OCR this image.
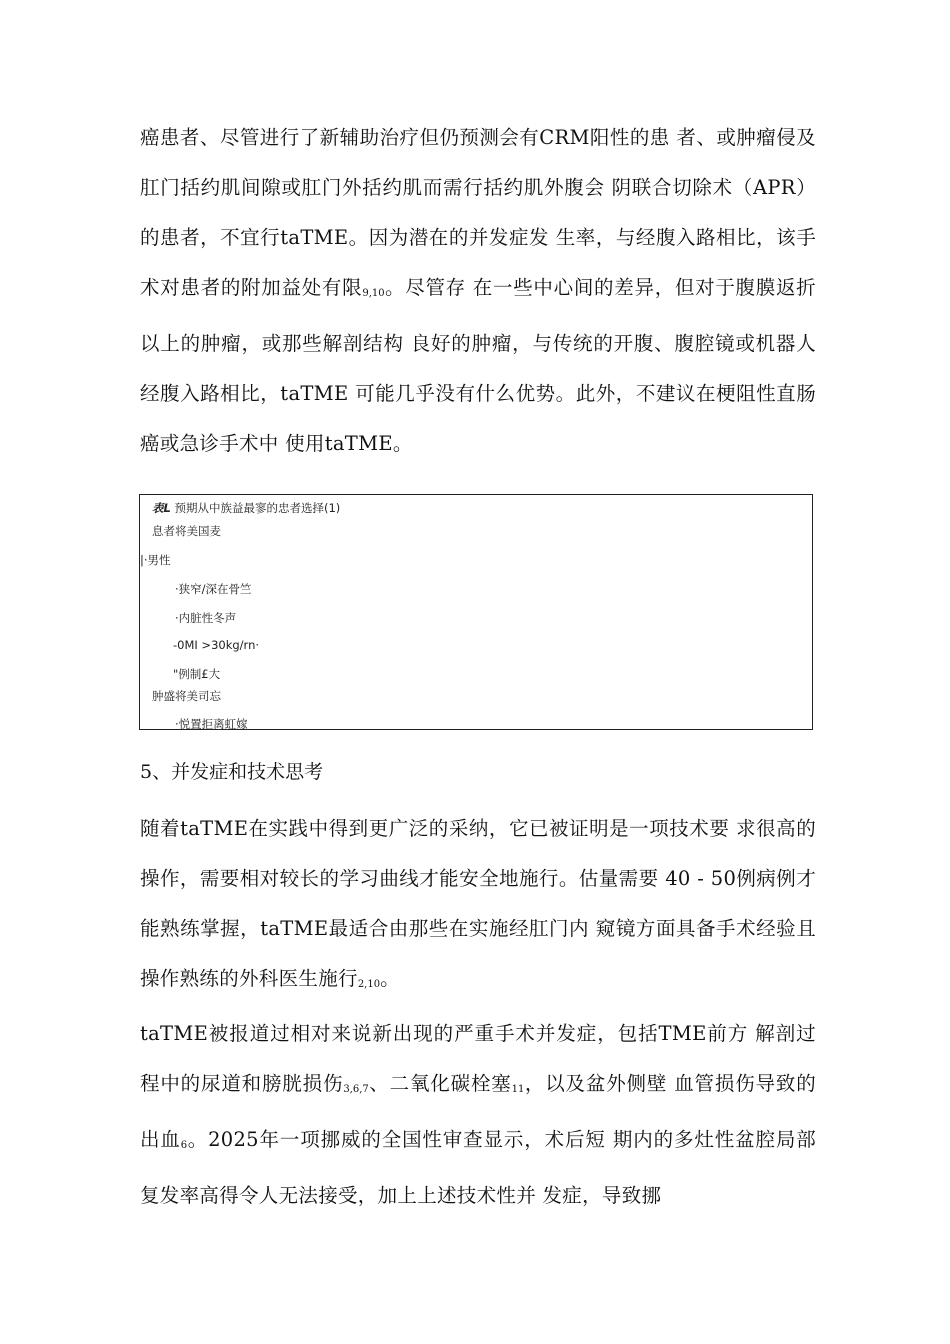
癌患者、尽管进行了新辅助治疗但仍预测会有CRM阳性的患 者、或肿瘤侵及肛门括约肌间隙或肛门外括约肌而需行括约肌外腹会 阴联合切除术（APR）的患者，不宜行taTME。因为潜在的并发症发 生率，与经腹入路相比，该手术对患者的附加益处有限$_{9,10}$。尽管存 在一些中心间的差异，但对于腹膜返折以上的肿瘤，或那些解剖结构 良好的肿瘤，与传统的开腹、腹腔镜或机器人经腹入路相比，taTME 可能几乎没有什么优势。此外，不建议在梗阻性直肠癌或急诊手术中 使用taTME。

表L 预期从中族益最寥的忠者选择(1)
息者将美国麦
|·男性
·狭窄/深在骨竺
·内脏性冬声
-0MI >30kg/rn·
"例制£大
肿盛将美司忘
·悦置拒离虹嫁
5、并发症和技术思考

随着taTME在实践中得到更广泛的采纳，它已被证明是一项技术要 求很高的操作，需要相对较长的学习曲线才能安全地施行。估量需要 40 - 50例病例才能熟练掌握，taTME最适合由那些在实施经肛门内 窥镜方面具备手术经验且操作熟练的外科医生施行$_{2,10}$。

taTME被报道过相对来说新出现的严重手术并发症，包括TME前方 解剖过程中的尿道和膀胱损伤$_{3,6,7}$、二氧化碳栓塞$_{11}$，以及盆外侧壁 血管损伤导致的出血$_6$。2025年一项挪威的全国性审查显示，术后短 期内的多灶性盆腔局部复发率高得令人无法接受，加上上述技术性并 发症，导致挪
